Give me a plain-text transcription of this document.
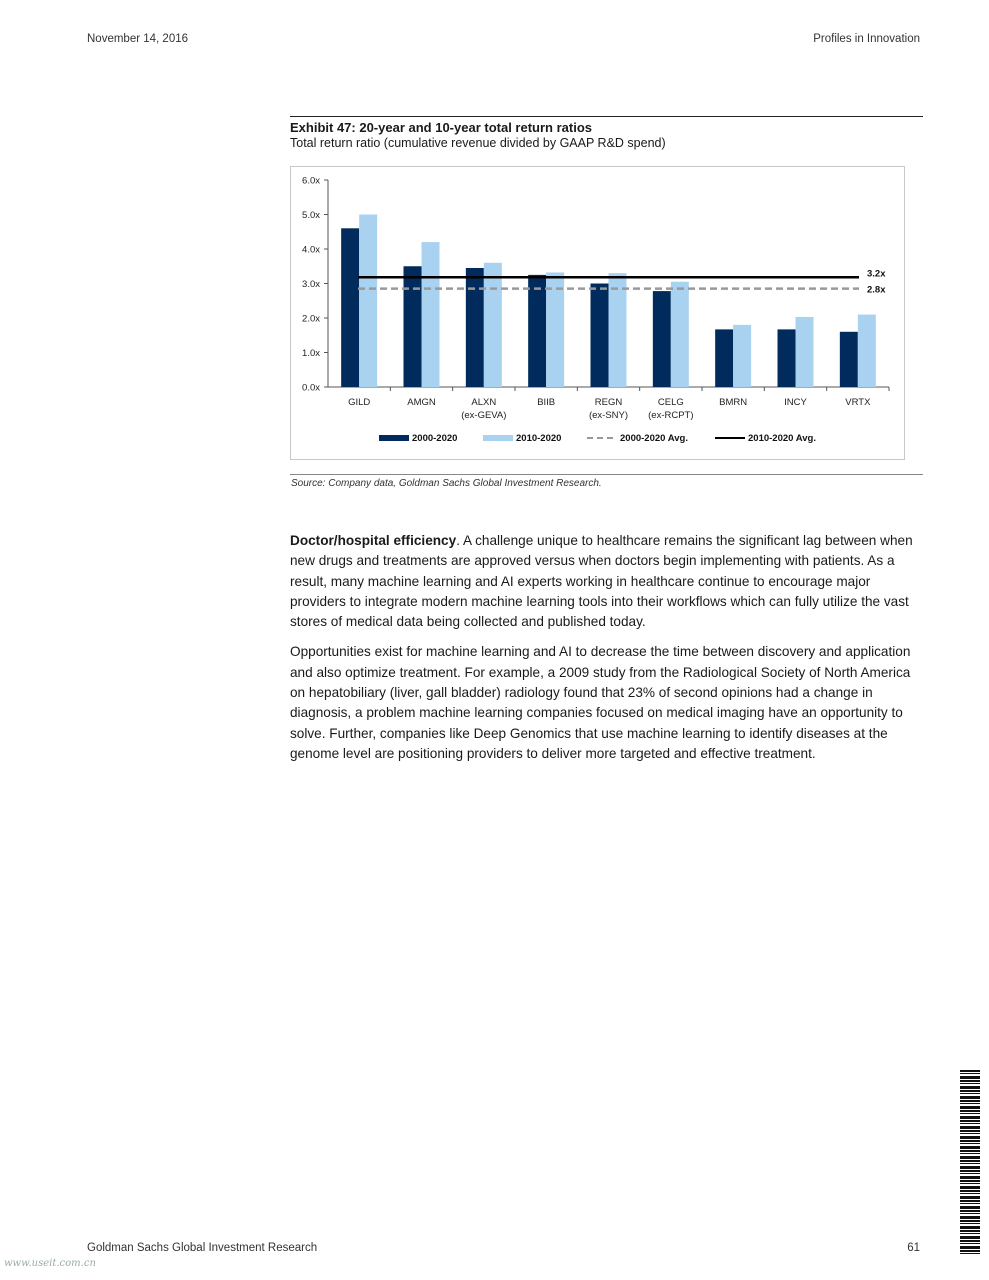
November 14, 2016	Profiles in Innovation
Exhibit 47: 20-year and 10-year total return ratios
Total return ratio (cumulative revenue divided by GAAP R&D spend)
0.0x
1.0x
2.0x
3.0x
4.0x
5.0x
6.0x
GILD	AMGN	ALXN
(ex-GEVA)
BIIB	REGN
(ex-SNY)
CELG
(ex-RCPT)
BMRN	INCY	VRTX
2.8x
3.2x
2000-2020	2010-2020	2000-2020 Avg.	2010-2020 Avg.
Source: Company data, Goldman Sachs Global Investment Research.

Doctor/hospital efficiency. A challenge unique to healthcare remains the significant lag between when new drugs and treatments are approved versus when doctors begin implementing with patients. As a result, many machine learning and AI experts working in healthcare continue to encourage major providers to integrate modern machine learning tools into their workflows which can fully utilize the vast stores of medical data being collected and published today.

Opportunities exist for machine learning and AI to decrease the time between discovery and application and also optimize treatment. For example, a 2009 study from the Radiological Society of North America on hepatobiliary (liver, gall bladder) radiology found that 23% of second opinions had a change in diagnosis, a problem machine learning companies focused on medical imaging have an opportunity to solve. Further, companies like Deep Genomics that use machine learning to identify diseases at the genome level are positioning providers to deliver more targeted and effective treatment.

Goldman Sachs Global Investment Research	61
www.useit.com.cn
